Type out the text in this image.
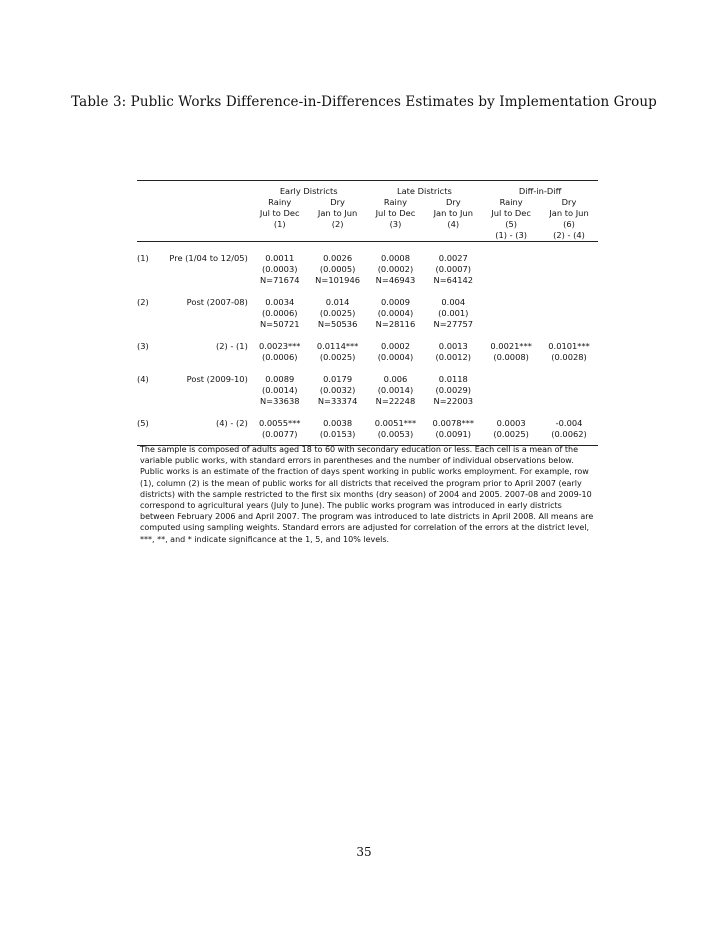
Table 3: Public Works Difference-in-Differences Estimates by Implementation Group

		Early Districts		Late Districts		Diff-in-Diff	
		Rainy	Dry	Rainy	Dry	Rainy	Dry
		Jul to Dec	Jan to Jun	Jul to Dec	Jan to Jun	Jul to Dec	Jan to Jun
		(1)	(2)	(3)	(4)	(5)	(6)
						(1) - (3)	(2) - (4)

(1)	Pre (1/04 to 12/05)	0.0011	0.0026	0.0008	0.0027		
		(0.0003)	(0.0005)	(0.0002)	(0.0007)		
		N=71674	N=101946	N=46943	N=64142		

(2)	Post (2007-08)	0.0034	0.014	0.0009	0.004		
		(0.0006)	(0.0025)	(0.0004)	(0.001)		
		N=50721	N=50536	N=28116	N=27757		

(3)	(2) - (1)	0.0023***	0.0114***	0.0002	0.0013	0.0021***	0.0101***
		(0.0006)	(0.0025)	(0.0004)	(0.0012)	(0.0008)	(0.0028)

(4)	Post (2009-10)	0.0089	0.0179	0.006	0.0118		
		(0.0014)	(0.0032)	(0.0014)	(0.0029)		
		N=33638	N=33374	N=22248	N=22003		

(5)	(4) - (2)	0.0055***	0.0038	0.0051***	0.0078***	0.0003	-0.004
		(0.0077)	(0.0153)	(0.0053)	(0.0091)	(0.0025)	(0.0062)

The sample is composed of adults aged 18 to 60 with secondary education or less. Each cell is a mean of the variable public works, with standard errors in parentheses and the number of individual observations below. Public works is an estimate of the fraction of days spent working in public works employment. For example, row (1), column (2) is the mean of public works for all districts that received the program prior to April 2007 (early districts) with the sample restricted to the first six months (dry season) of 2004 and 2005. 2007-08 and 2009-10 correspond to agricultural years (July to June). The public works program was introduced in early districts between February 2006 and April 2007. The program was introduced to late districts in April 2008. All means are computed using sampling weights. Standard errors are adjusted for correlation of the errors at the district level, ***, **, and * indicate significance at the 1, 5, and 10% levels.
35
